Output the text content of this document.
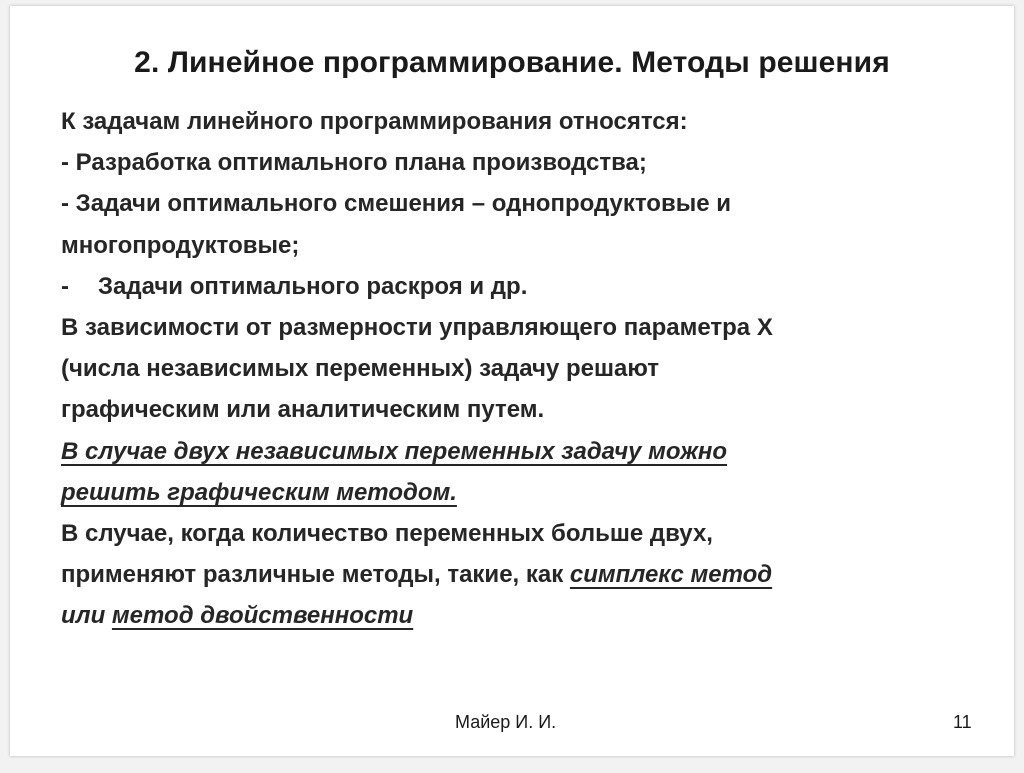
2. Линейное программирование. Методы решения
К задачам линейного программирования относятся:
- Разработка оптимального плана производства;
- Задачи оптимального смешения – однопродуктовые и
многопродуктовые;
- Задачи оптимального раскроя и др.
В зависимости от размерности управляющего параметра X
(числа независимых переменных) задачу решают
графическим или аналитическим путем.
В случае двух независимых переменных задачу можно
решить графическим методом.
В случае, когда количество переменных больше двух,
применяют различные методы, такие, как симплекс метод
или метод двойственности
Майер И. И.	11
